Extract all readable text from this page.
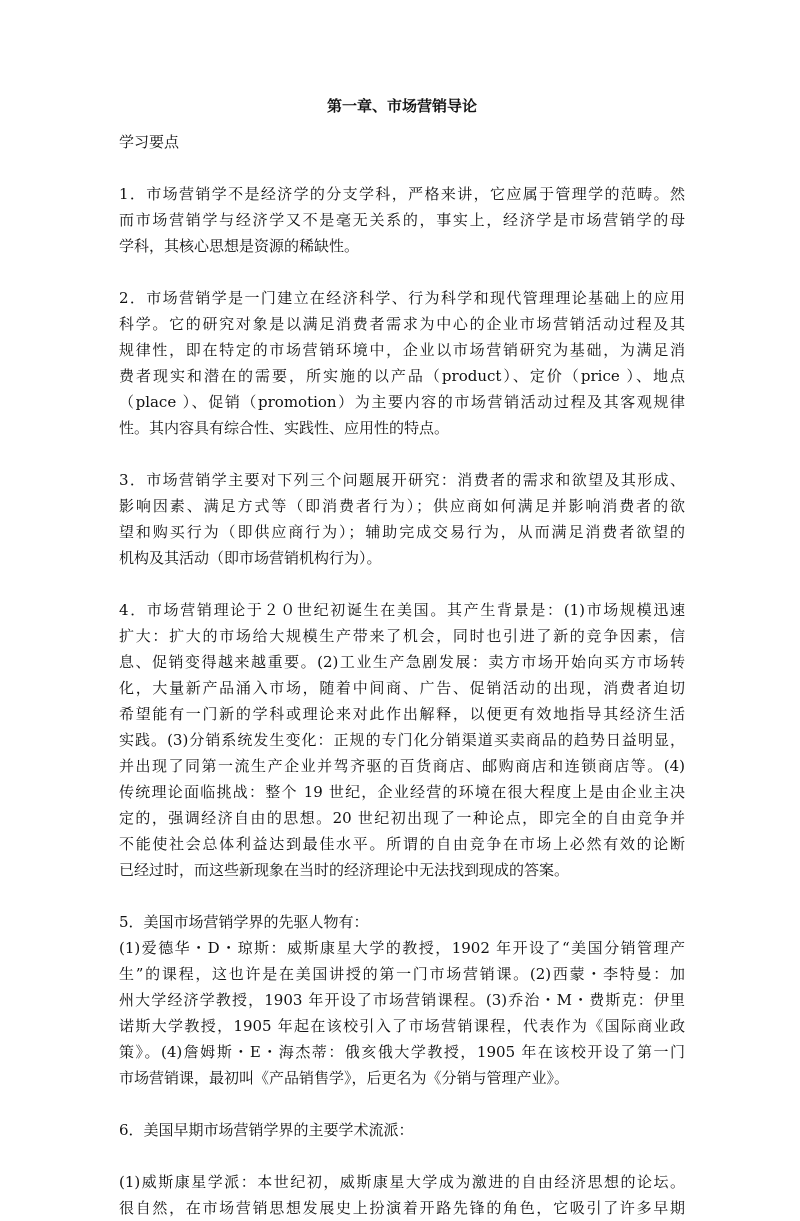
第一章、市场营销导论
学习要点
1．市场营销学不是经济学的分支学科，严格来讲，它应属于管理学的范畴。然
而市场营销学与经济学又不是毫无关系的，事实上，经济学是市场营销学的母
学科，其核心思想是资源的稀缺性。
2．市场营销学是一门建立在经济科学、行为科学和现代管理理论基础上的应用
科学。它的研究对象是以满足消费者需求为中心的企业市场营销活动过程及其
规律性，即在特定的市场营销环境中，企业以市场营销研究为基础，为满足消
费者现实和潜在的需要，所实施的以产品（product）、定价（price ）、地点
（place ）、促销（promotion）为主要内容的市场营销活动过程及其客观规律
性。其内容具有综合性、实践性、应用性的特点。
3．市场营销学主要对下列三个问题展开研究：消费者的需求和欲望及其形成、
影响因素、满足方式等（即消费者行为）；供应商如何满足并影响消费者的欲
望和购买行为（即供应商行为）；辅助完成交易行为，从而满足消费者欲望的
机构及其活动（即市场营销机构行为）。
4．市场营销理论于２０世纪初诞生在美国。其产生背景是：(1)市场规模迅速
扩大：扩大的市场给大规模生产带来了机会，同时也引进了新的竞争因素，信
息、促销变得越来越重要。(2)工业生产急剧发展：卖方市场开始向买方市场转
化，大量新产品涌入市场，随着中间商、广告、促销活动的出现，消费者迫切
希望能有一门新的学科或理论来对此作出解释，以便更有效地指导其经济生活
实践。(3)分销系统发生变化：正规的专门化分销渠道买卖商品的趋势日益明显，
并出现了同第一流生产企业并驾齐驱的百货商店、邮购商店和连锁商店等。(4)
传统理论面临挑战：整个 19 世纪，企业经营的环境在很大程度上是由企业主决
定的，强调经济自由的思想。20 世纪初出现了一种论点，即完全的自由竞争并
不能使社会总体利益达到最佳水平。所谓的自由竞争在市场上必然有效的论断
已经过时，而这些新现象在当时的经济理论中无法找到现成的答案。
5．美国市场营销学界的先驱人物有：
(1)爱德华・D・琼斯：威斯康星大学的教授，1902 年开设了“美国分销管理产
生”的课程，这也许是在美国讲授的第一门市场营销课。(2)西蒙・李特曼：加
州大学经济学教授，1903 年开设了市场营销课程。(3)乔治・M・费斯克：伊里
诺斯大学教授，1905 年起在该校引入了市场营销课程，代表作为《国际商业政
策》。(4)詹姆斯・E・海杰蒂：俄亥俄大学教授，1905 年在该校开设了第一门
市场营销课，最初叫《产品销售学》，后更名为《分销与管理产业》。
6．美国早期市场营销学界的主要学术流派：
(1)威斯康星学派：本世纪初，威斯康星大学成为激进的自由经济思想的论坛。
很自然，在市场营销思想发展史上扮演着开路先锋的角色，它吸引了许多早期
